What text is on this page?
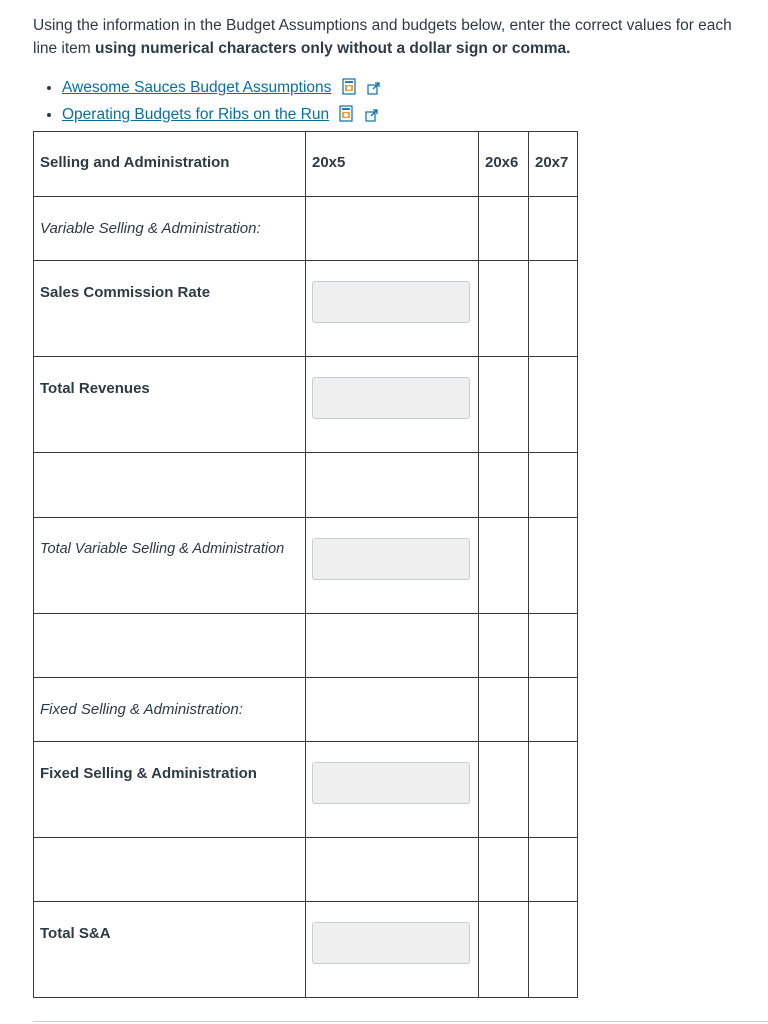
Using the information in the Budget Assumptions and budgets below, enter the correct values for each line item using numerical characters only without a dollar sign or comma.
• Awesome Sauces Budget Assumptions
• Operating Budgets for Ribs on the Run
Selling and Administration	20x5	20x6	20x7

Variable Selling & Administration:			

Sales Commission Rate

Total Revenues

Total Variable Selling & Administration

Fixed Selling & Administration:			

Fixed Selling & Administration

Total S&A
